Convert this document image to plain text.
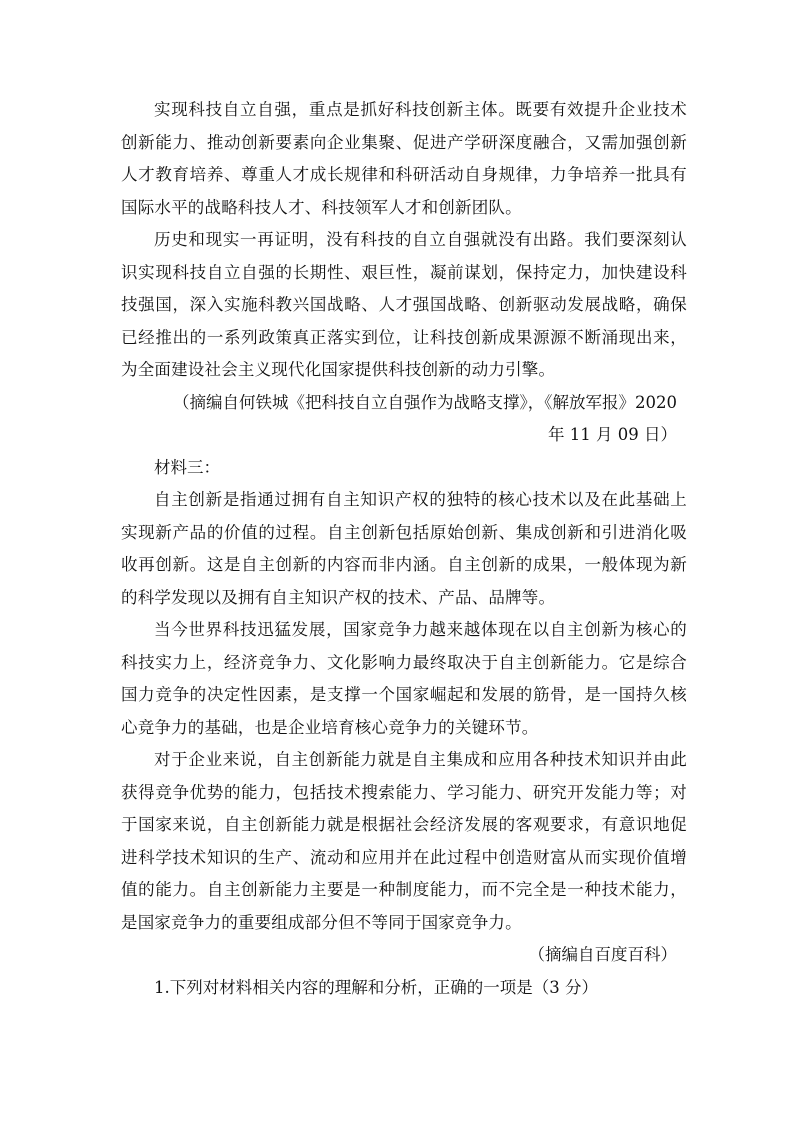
实现科技自立自强，重点是抓好科技创新主体。既要有效提升企业技术创新能力、推动创新要素向企业集聚、促进产学研深度融合，又需加强创新人才教育培养、尊重人才成长规律和科研活动自身规律，力争培养一批具有国际水平的战略科技人才、科技领军人才和创新团队。

历史和现实一再证明，没有科技的自立自强就没有出路。我们要深刻认识实现科技自立自强的长期性、艰巨性，凝前谋划，保持定力，加快建设科技强国，深入实施科教兴国战略、人才强国战略、创新驱动发展战略，确保已经推出的一系列政策真正落实到位，让科技创新成果源源不断涌现出来，为全面建设社会主义现代化国家提供科技创新的动力引擎。

（摘编自何铁城《把科技自立自强作为战略支撑》，《解放军报》2020 年 11 月 09 日）

材料三：

自主创新是指通过拥有自主知识产权的独特的核心技术以及在此基础上实现新产品的价值的过程。自主创新包括原始创新、集成创新和引进消化吸收再创新。这是自主创新的内容而非内涵。自主创新的成果，一般体现为新的科学发现以及拥有自主知识产权的技术、产品、品牌等。

当今世界科技迅猛发展，国家竞争力越来越体现在以自主创新为核心的科技实力上，经济竞争力、文化影响力最终取决于自主创新能力。它是综合国力竞争的决定性因素，是支撑一个国家崛起和发展的筋骨，是一国持久核心竞争力的基础，也是企业培育核心竞争力的关键环节。

对于企业来说，自主创新能力就是自主集成和应用各种技术知识并由此获得竞争优势的能力，包括技术搜索能力、学习能力、研究开发能力等；对于国家来说，自主创新能力就是根据社会经济发展的客观要求，有意识地促进科学技术知识的生产、流动和应用并在此过程中创造财富从而实现价值增值的能力。自主创新能力主要是一种制度能力，而不完全是一种技术能力，是国家竞争力的重要组成部分但不等同于国家竞争力。

（摘编自百度百科）

1.下列对材料相关内容的理解和分析，正确的一项是（3 分）
